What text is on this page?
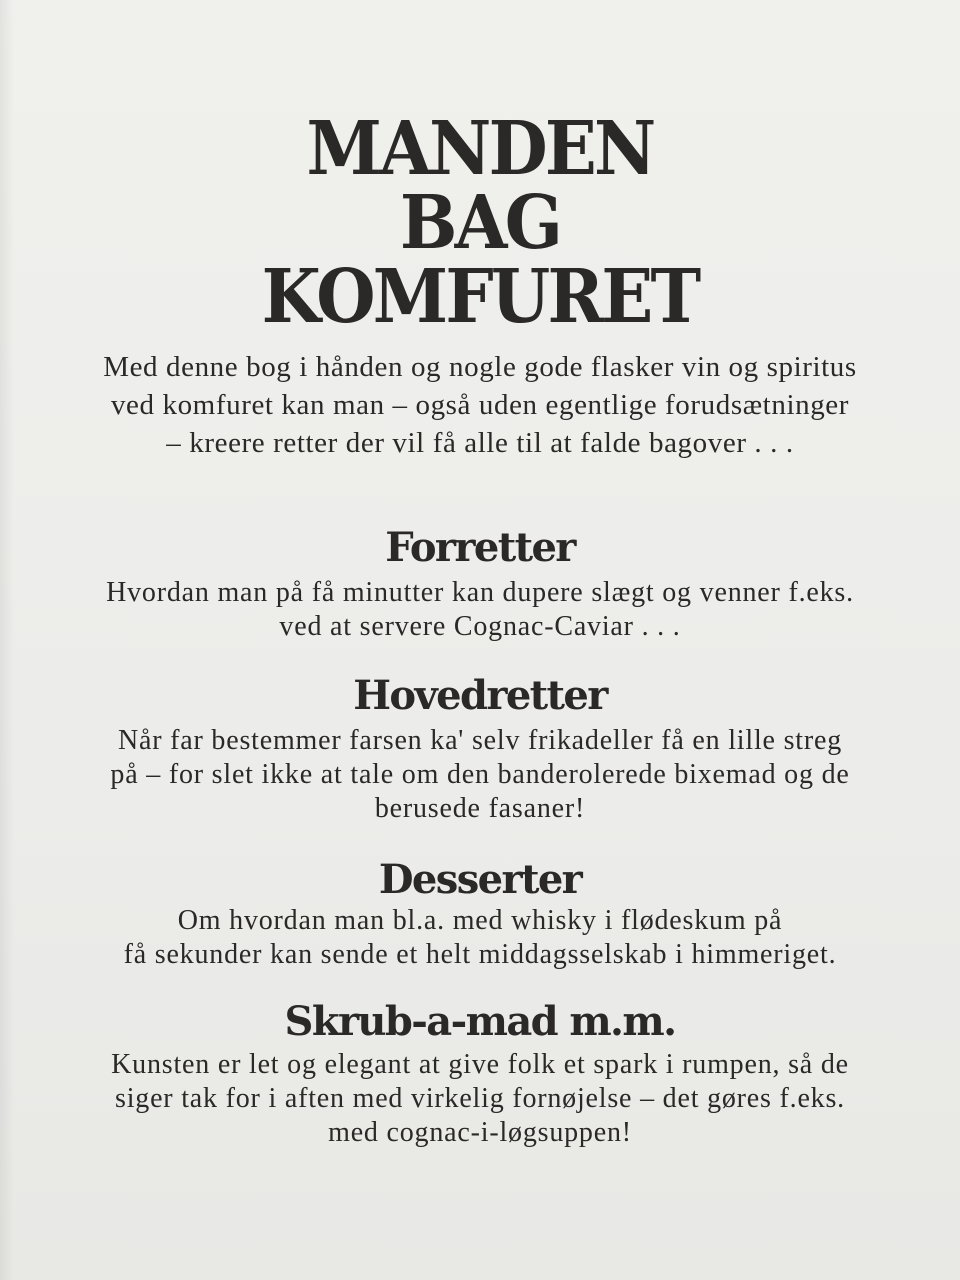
MANDEN
BAG
KOMFURET
Med denne bog i hånden og nogle gode flasker vin og spiritus
ved komfuret kan man – også uden egentlige forudsætninger
– kreere retter der vil få alle til at falde bagover . . .
Forretter
Hvordan man på få minutter kan dupere slægt og venner f.eks.
ved at servere Cognac-Caviar . . .
Hovedretter
Når far bestemmer farsen ka' selv frikadeller få en lille streg
på – for slet ikke at tale om den banderolerede bixemad og de
berusede fasaner!
Desserter
Om hvordan man bl.a. med whisky i flødeskum på
få sekunder kan sende et helt middagsselskab i himmeriget.
Skrub-a-mad m.m.
Kunsten er let og elegant at give folk et spark i rumpen, så de
siger tak for i aften med virkelig fornøjelse – det gøres f.eks.
med cognac-i-løgsuppen!
